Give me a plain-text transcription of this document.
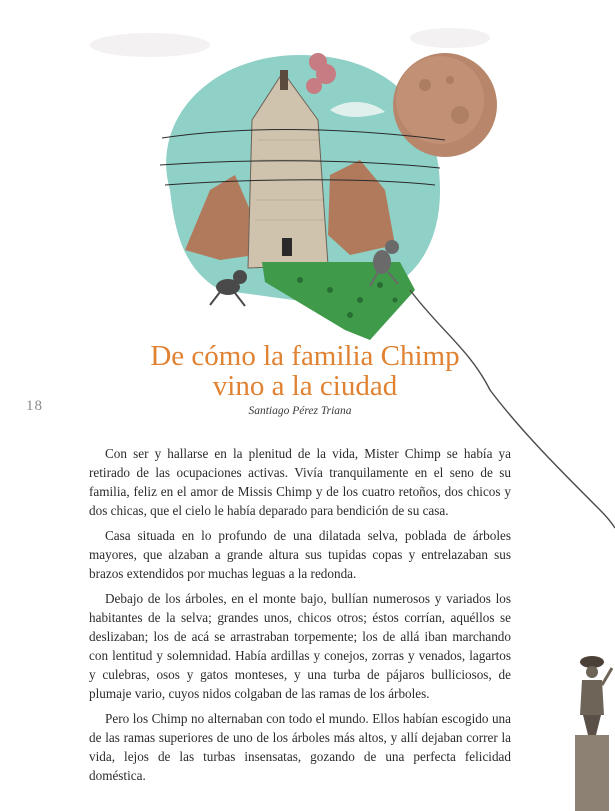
18
De cómo la familia Chimp
vino a la ciudad
Santiago Pérez Triana

Con ser y hallarse en la plenitud de la vida, Mister Chimp se había ya retirado de las ocupaciones activas. Vivía tranquilamente en el seno de su familia, feliz en el amor de Missis Chimp y de los cuatro retoños, dos chicos y dos chicas, que el cielo le había deparado para bendición de su casa.

Casa situada en lo profundo de una dilatada selva, poblada de árboles mayores, que alzaban a grande altura sus tupidas copas y entrelazaban sus brazos extendidos por muchas leguas a la redonda.

Debajo de los árboles, en el monte bajo, bullían numerosos y variados los habitantes de la selva; grandes unos, chicos otros; éstos corrían, aquéllos se deslizaban; los de acá se arrastraban torpemente; los de allá iban marchando con lentitud y solemnidad. Había ardillas y conejos, zorras y venados, lagartos y culebras, osos y gatos monteses, y una turba de pájaros bulliciosos, de plumaje vario, cuyos nidos colgaban de las ramas de los árboles.

Pero los Chimp no alternaban con todo el mundo. Ellos habían escogido una de las ramas superiores de uno de los árboles más altos, y allí dejaban correr la vida, lejos de las turbas insensatas, gozando de una perfecta felicidad doméstica.
